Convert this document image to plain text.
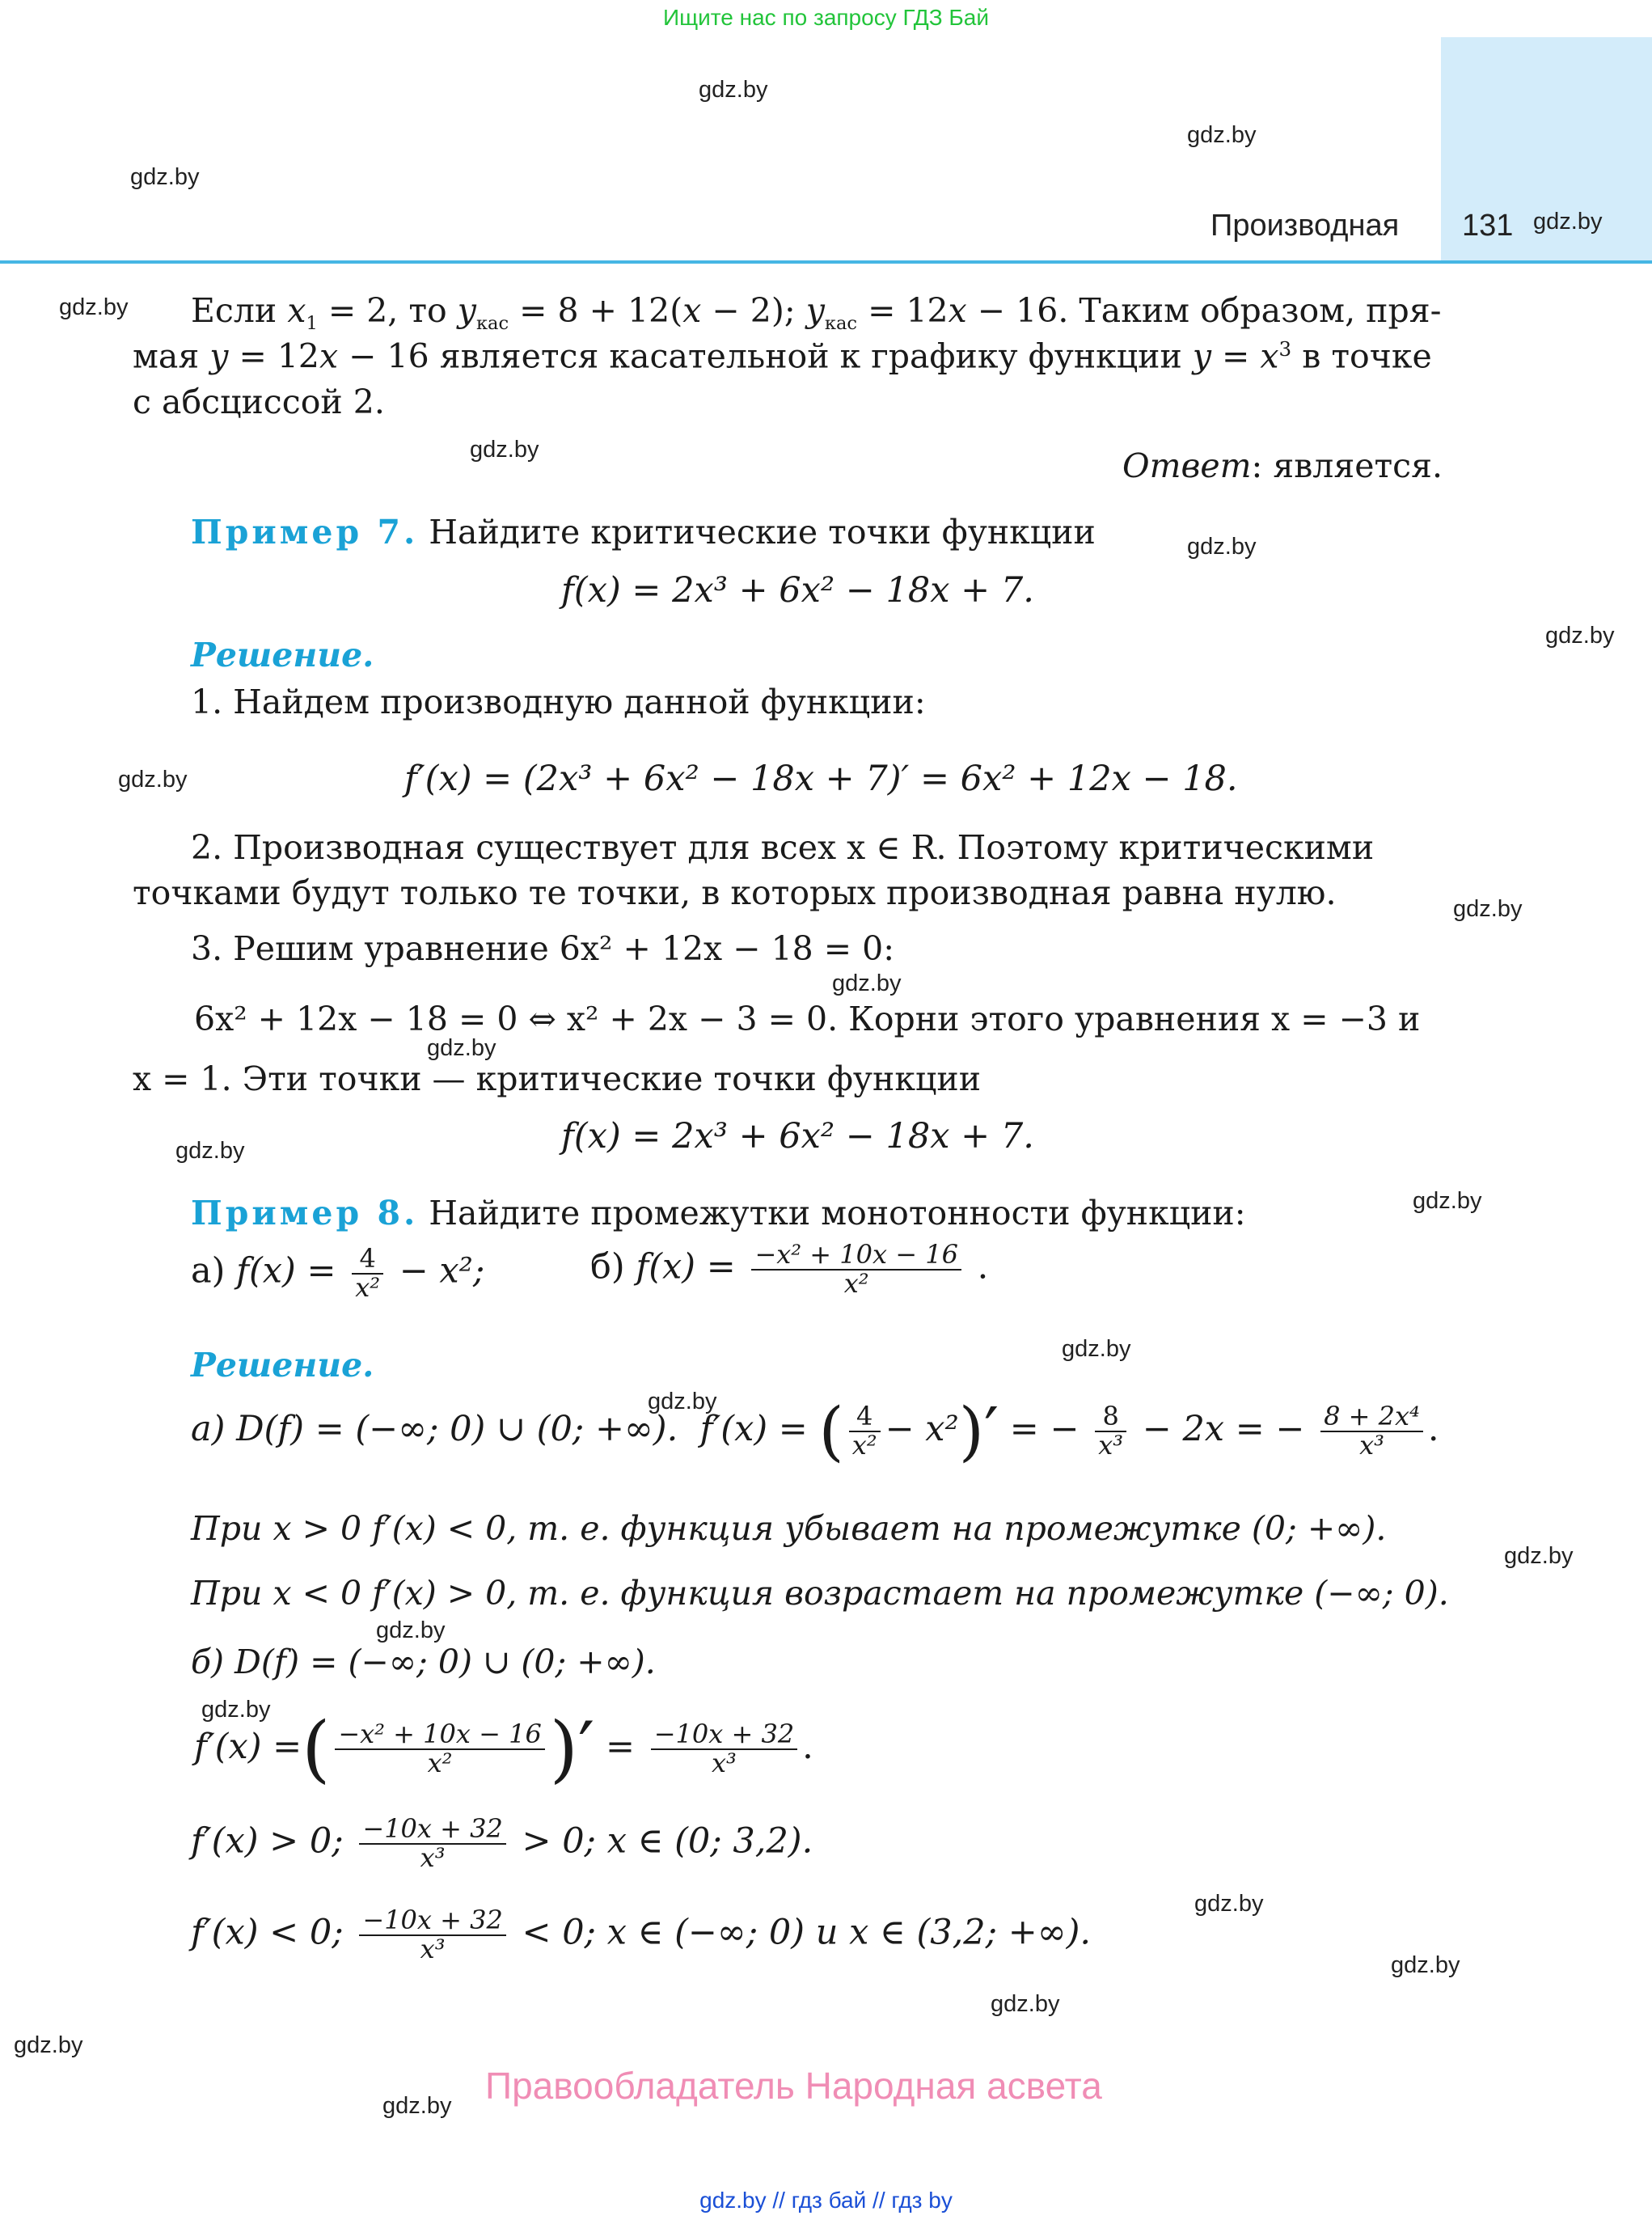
Ищите нас по запросу ГДЗ Бай
Производная 131
gdz.by
gdz.by
gdz.by
gdz.by
gdz.by
gdz.by
gdz.by
gdz.by
gdz.by
gdz.by
gdz.by
gdz.by
gdz.by
gdz.by
gdz.by
gdz.by
gdz.by
gdz.by
gdz.by
gdz.by
gdz.by
gdz.by
gdz.by
gdz.by
Если $x_1 = 2$, то $y_{кас} = 8 + 12(x - 2)$; $y_{кас} = 12x - 16$. Таким образом, пря-
мая y = 12x − 16 является касательной к графику функции $y = x^3$ в точке
с абсциссой 2.
Ответ: является.
Пример 7. Найдите критические точки функции
f(x) = 2x³ + 6x² − 18x + 7.
Решение.
1. Найдем производную данной функции:
f′(x) = (2x³ + 6x² − 18x + 7)′ = 6x² + 12x − 18.
2. Производная существует для всех x ∈ R. Поэтому критическими
точками будут только те точки, в которых производная равна нулю.
3. Решим уравнение 6x² + 12x − 18 = 0:
6x² + 12x − 18 = 0 ⇔ x² + 2x − 3 = 0. Корни этого уравнения x = −3 и
x = 1. Эти точки — критические точки функции
f(x) = 2x³ + 6x² − 18x + 7.
Пример 8. Найдите промежутки монотонности функции:
а) $f(x) = \frac{4}{\text{x²}} - x^2$;	б) $f(x) = \frac{\text{−x² + 10x − 16}}{\text{x²}}$ .
Решение.
а) D(f) = (−∞; 0) ∪ (0; +∞). f′(x) = ( $\frac{4}{\text{x²}} - x^2)'$ = − $\frac{8}{\text{x³}} - 2x$ = − $\frac{\text{8 + 2x⁴}}{\text{x³}}$ .
При x > 0 f′(x) < 0, т. е. функция убывает на промежутке (0; +∞).
При x < 0 f′(x) > 0, т. е. функция возрастает на промежутке (−∞; 0).
б) D(f) = (−∞; 0) ∪ (0; +∞).
f′(x) =( $\frac{\text{−x² + 10x − 16}}{\text{x²}}$ )′ = $\frac{-10x + 32}{\text{x³}}$ .
f′(x) > 0; $\frac{-10x + 32}{\text{x³}} > 0$; x ∈ (0; 3,2).
f′(x) < 0; $\frac{-10x + 32}{\text{x³}} < 0$; x ∈ (−∞; 0) и x ∈ (3,2; +∞).
Правообладатель Народная асвета
gdz.by // гдз бай // гдз by
